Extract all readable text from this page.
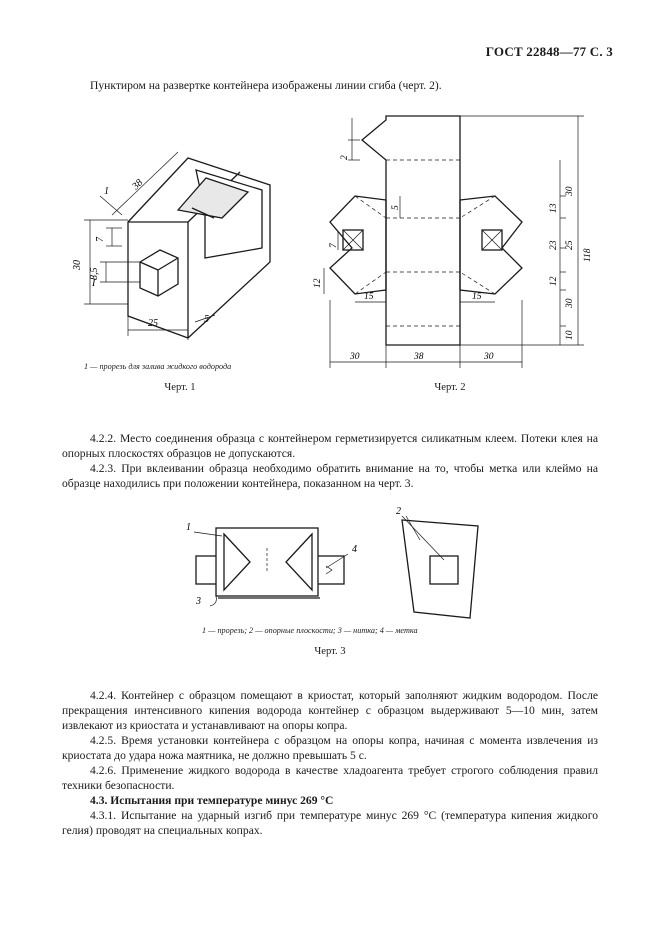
ГОСТ 22848—77 С. 3
Пунктиром на развертке контейнера изображены линии сгиба (черт. 2).
38
30
7
8,5
25	5
1
I
1 — прорезь для залива жидкого водорода
Черт. 1
2
5
30
13
25
23
118
12
30
10
7
12
15	15
30	38	30
Черт. 2
4.2.2. Место соединения образца с контейнером герметизируется силикатным клеем. Потеки клея на опорных плоскостях образцов не допускаются.
4.2.3. При вклеивании образца необходимо обратить внимание на то, чтобы метка или клеймо на образце находились при положении контейнера, показанном на черт. 3.
1
2
3
4
1 — прорезь; 2 — опорные плоскости; 3 — нитка; 4 — метка
Черт. 3
4.2.4. Контейнер с образцом помещают в криостат, который заполняют жидким водородом. После прекращения интенсивного кипения водорода контейнер с образцом выдерживают 5—10 мин, затем извлекают из криостата и устанавливают на опоры копра.
4.2.5. Время установки контейнера с образцом на опоры копра, начиная с момента извлечения из криостата до удара ножа маятника, не должно превышать 5 с.
4.2.6. Применение жидкого водорода в качестве хладоагента требует строгого соблюдения правил техники безопасности.
4.3. Испытания при температуре минус 269 °С
4.3.1. Испытание на ударный изгиб при температуре минус 269 °С (температура кипения жидкого гелия) проводят на специальных копрах.
